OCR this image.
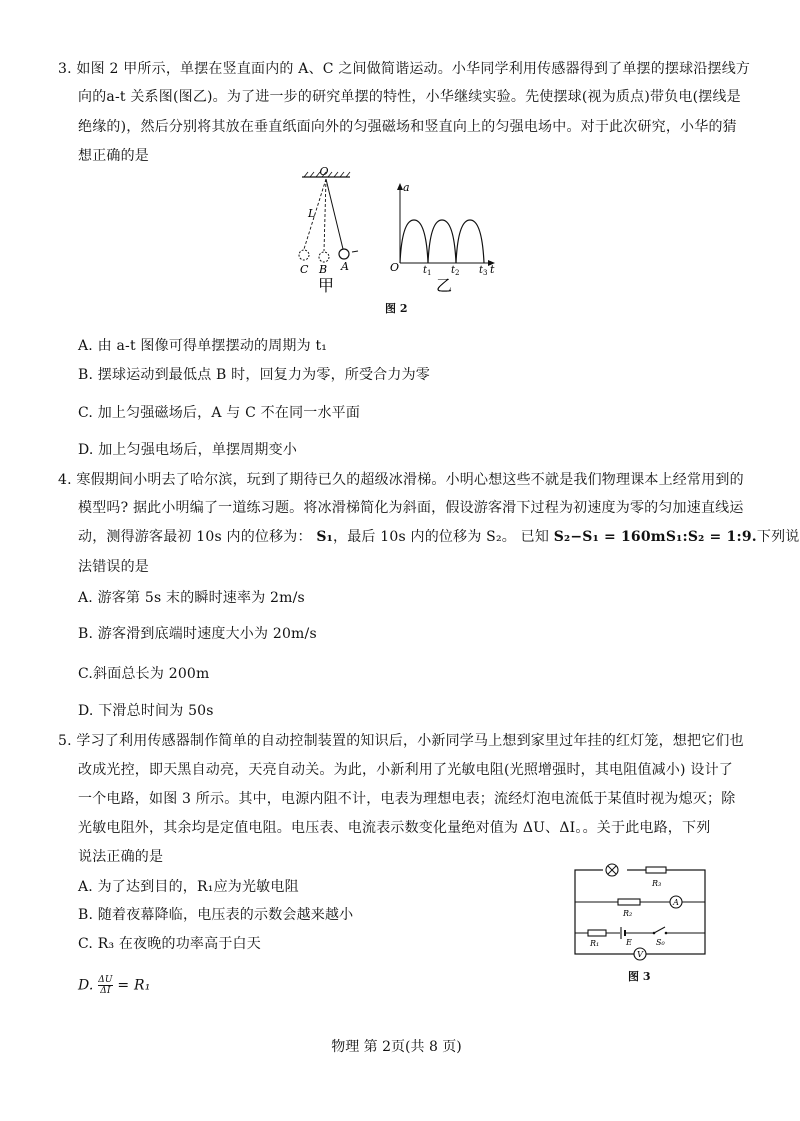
3. 如图 2 甲所示，单摆在竖直面内的 A、C 之间做简谐运动。小华同学利用传感器得到了单摆的摆球沿摆线方
向的a-t 关系图(图乙)。为了进一步的研究单摆的特性，小华继续实验。先使摆球(视为质点)带负电(摆线是
绝缘的)，然后分别将其放在垂直纸面向外的匀强磁场和竖直向上的匀强电场中。对于此次研究，小华的猜
想正确的是
O
L
C B A
甲
a
O t 1 t 2 t 3 t
乙
图 2
A. 由 a-t 图像可得单摆摆动的周期为 t₁
B. 摆球运动到最低点 B 时，回复力为零，所受合力为零
C. 加上匀强磁场后，A 与 C 不在同一水平面
D. 加上匀强电场后，单摆周期变小
4. 寒假期间小明去了哈尔滨，玩到了期待已久的超级冰滑梯。小明心想这些不就是我们物理课本上经常用到的
模型吗? 据此小明编了一道练习题。将冰滑梯简化为斜面，假设游客滑下过程为初速度为零的匀加速直线运
动，测得游客最初 10s 内的位移为： S₁，最后 10s 内的位移为 S₂。 已知 S₂−S₁ = 160mS₁:S₂ = 1:9.下列说
法错误的是
A. 游客第 5s 末的瞬时速率为 2m/s
B. 游客滑到底端时速度大小为 20m/s
C.斜面总长为 200m
D. 下滑总时间为 50s
5. 学习了利用传感器制作简单的自动控制装置的知识后，小新同学马上想到家里过年挂的红灯笼，想把它们也
改成光控，即天黑自动亮，天亮自动关。为此，小新利用了光敏电阻(光照增强时，其电阻值减小) 设计了
一个电路，如图 3 所示。其中，电源内阻不计，电表为理想电表；流经灯泡电流低于某值时视为熄灭；除
光敏电阻外，其余均是定值电阻。电压表、电流表示数变化量绝对值为 ΔU、ΔI。。关于此电路，下列
说法正确的是
A. 为了达到目的，R₁应为光敏电阻
B. 随着夜幕降临，电压表的示数会越来越小
C. R₃ 在夜晚的功率高于白天
D. $\frac{\Delta U}{\Delta I} = R_1$
R₃
R₂
A
R₁	E	S₀
V
图 3
物理 第 2页(共 8 页)
